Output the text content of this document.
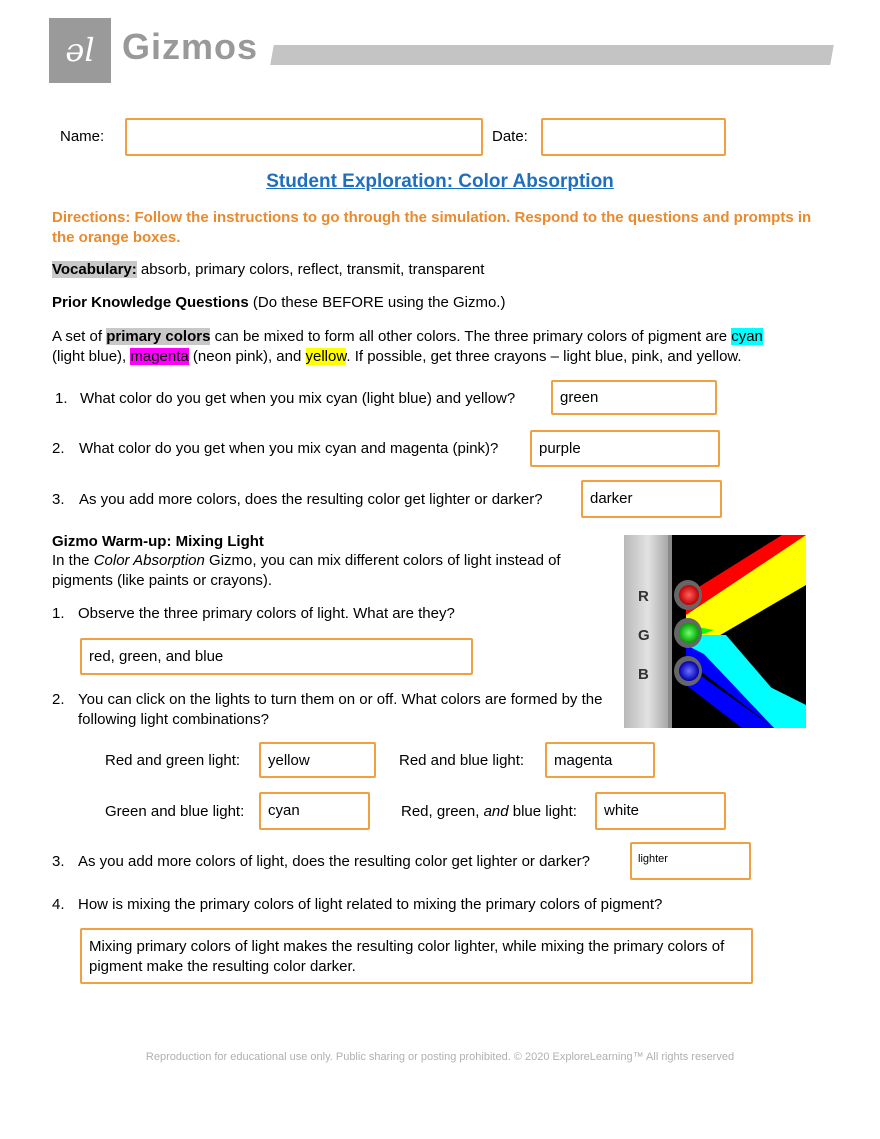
əl Gizmos
Name:	Date:
Student Exploration: Color Absorption
Directions: Follow the instructions to go through the simulation. Respond to the questions and prompts in the orange boxes.
Vocabulary: absorb, primary colors, reflect, transmit, transparent
Prior Knowledge Questions (Do these BEFORE using the Gizmo.)
A set of primary colors can be mixed to form all other colors. The three primary colors of pigment are cyan
(light blue), magenta (neon pink), and yellow. If possible, get three crayons – light blue, pink, and yellow.
1. What color do you get when you mix cyan (light blue) and yellow?	green
2. What color do you get when you mix cyan and magenta (pink)?	purple
3. As you add more colors, does the resulting color get lighter or darker?	darker
Gizmo Warm-up: Mixing Light
In the Color Absorption Gizmo, you can mix different colors of light instead of pigments (like paints or crayons).
1. Observe the three primary colors of light. What are they?
red, green, and blue
2. You can click on the lights to turn them on or off. What colors are formed by the following light combinations?
Red and green light:	yellow	Red and blue light:	magenta
Green and blue light:	cyan	Red, green, and blue light:	white
3. As you add more colors of light, does the resulting color get lighter or darker?	lighter
4. How is mixing the primary colors of light related to mixing the primary colors of pigment?
Mixing primary colors of light makes the resulting color lighter, while mixing the primary colors of pigment make the resulting color darker.
R
G
B
Reproduction for educational use only. Public sharing or posting prohibited. © 2020 ExploreLearning™ All rights reserved
